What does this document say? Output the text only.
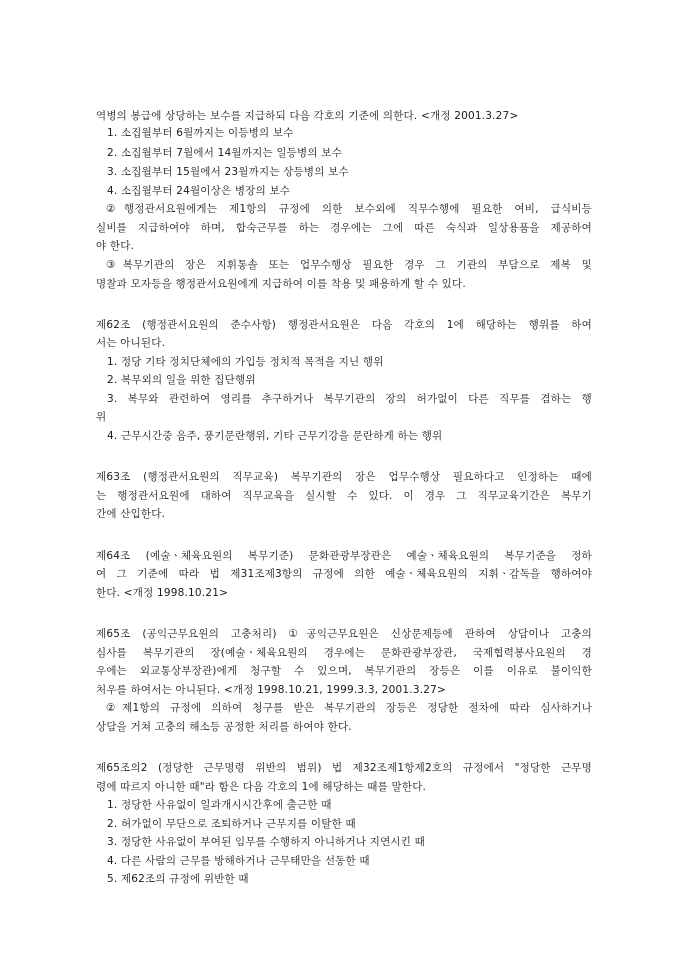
역병의 봉급에 상당하는 보수를 지급하되 다음 각호의 기준에 의한다. <개정 2001.3.27>
1. 소집월부터 6월까지는 이등병의 보수
2. 소집월부터 7월에서 14월까지는 일등병의 보수
3. 소집월부터 15월에서 23월까지는 상등병의 보수
4. 소집월부터 24월이상은 병장의 보수
②행정관서요원에게는 제1항의 규정에 의한 보수외에 직무수행에 필요한 여비, 급식비등
실비를 지급하여야 하며, 합숙근무를 하는 경우에는 그에 따른 숙식과 일상용품을 제공하여
야 한다.
③복무기관의 장은 지휘통솔 또는 업무수행상 필요한 경우 그 기관의 부담으로 제복 및
명찰과 모자등을 행정관서요원에게 지급하여 이를 착용 및 패용하게 할 수 있다.
제62조 (행정관서요원의 준수사항) 행정관서요원은 다음 각호의 1에 해당하는 행위를 하여
서는 아니된다.
1. 정당 기타 정치단체에의 가입등 정치적 목적을 지닌 행위
2. 복무외의 일을 위한 집단행위
3. 복무와 관련하여 영리를 추구하거나 복무기관의 장의 허가없이 다른 직무를 겸하는 행
위
4. 근무시간중 음주, 풍기문란행위, 기타 근무기강을 문란하게 하는 행위
제63조 (행정관서요원의 직무교육) 복무기관의 장은 업무수행상 필요하다고 인정하는 때에
는 행정관서요원에 대하여 직무교육을 실시할 수 있다. 이 경우 그 직무교육기간은 복무기
간에 산입한다.
제64조 (예술ㆍ체육요원의 복무기준) 문화관광부장관은 예술ㆍ체육요원의 복무기준을 정하
여 그 기준에 따라 법 제31조제3항의 규정에 의한 예술ㆍ체육요원의 지휘ㆍ감독을 행하여야
한다. <개정 1998.10.21>
제65조 (공익근무요원의 고충처리) ①공익근무요원은 신상문제등에 관하여 상담이나 고충의
심사를 복무기관의 장(예술ㆍ체육요원의 경우에는 문화관광부장관, 국제협력봉사요원의 경
우에는 외교통상부장관)에게 청구할 수 있으며, 복무기관의 장등은 이를 이유로 불이익한
처우를 하여서는 아니된다. <개정 1998.10.21, 1999.3.3, 2001.3.27>
②제1항의 규정에 의하여 청구를 받은 복무기관의 장등은 정당한 절차에 따라 심사하거나
상담을 거쳐 고충의 해소등 공정한 처리를 하여야 한다.
제65조의2 (정당한 근무명령 위반의 범위) 법 제32조제1항제2호의 규정에서 "정당한 근무명
령에 따르지 아니한 때"라 함은 다음 각호의 1에 해당하는 때를 말한다.
1. 정당한 사유없이 일과개시시간후에 출근한 때
2. 허가없이 무단으로 조퇴하거나 근무지를 이탈한 때
3. 정당한 사유없이 부여된 임무를 수행하지 아니하거나 지연시킨 때
4. 다른 사람의 근무를 방해하거나 근무태만을 선동한 때
5. 제62조의 규정에 위반한 때
